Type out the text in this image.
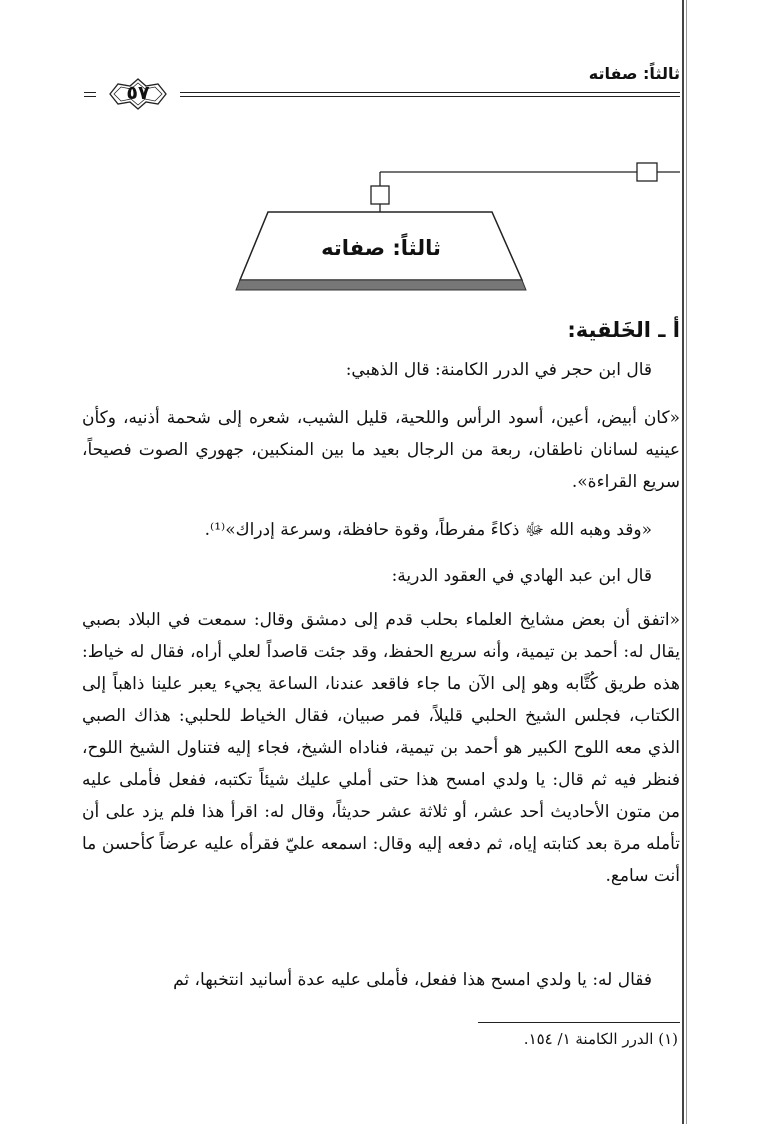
ثالثاً: صفاته
٥٧
ثالثاً: صفاته
أ ـ الخَلقية:

قال ابن حجر في الدرر الكامنة: قال الذهبي:

«كان أبيض، أعين، أسود الرأس واللحية، قليل الشيب، شعره إلى شحمة أذنيه، وكأن عينيه لسانان ناطقان، ربعة من الرجال بعيد ما بين المنكبين، جهوري الصوت فصيحاً، سريع القراءة».

«وقد وهبه الله ﷻ ذكاءً مفرطاً، وقوة حافظة، وسرعة إدراك»⁽¹⁾.

قال ابن عبد الهادي في العقود الدرية:

«اتفق أن بعض مشايخ العلماء بحلب قدم إلى دمشق وقال: سمعت في البلاد بصبي يقال له: أحمد بن تيمية، وأنه سريع الحفظ، وقد جئت قاصداً لعلي أراه، فقال له خياط: هذه طريق كُتَّابه وهو إلى الآن ما جاء فاقعد عندنا، الساعة يجيء يعبر علينا ذاهباً إلى الكتاب، فجلس الشيخ الحلبي قليلاً، فمر صبيان، فقال الخياط للحلبي: هذاك الصبي الذي معه اللوح الكبير هو أحمد بن تيمية، فناداه الشيخ، فجاء إليه فتناول الشيخ اللوح، فنظر فيه ثم قال: يا ولدي امسح هذا حتى أملي عليك شيئاً تكتبه، ففعل فأملى عليه من متون الأحاديث أحد عشر، أو ثلاثة عشر حديثاً، وقال له: اقرأ هذا فلم يزد على أن تأمله مرة بعد كتابته إياه، ثم دفعه إليه وقال: اسمعه عليّ فقرأه عليه عرضاً كأحسن ما أنت سامع.

فقال له: يا ولدي امسح هذا ففعل، فأملى عليه عدة أسانيد انتخبها، ثم

(١) الدرر الكامنة ١/ ١٥٤.
